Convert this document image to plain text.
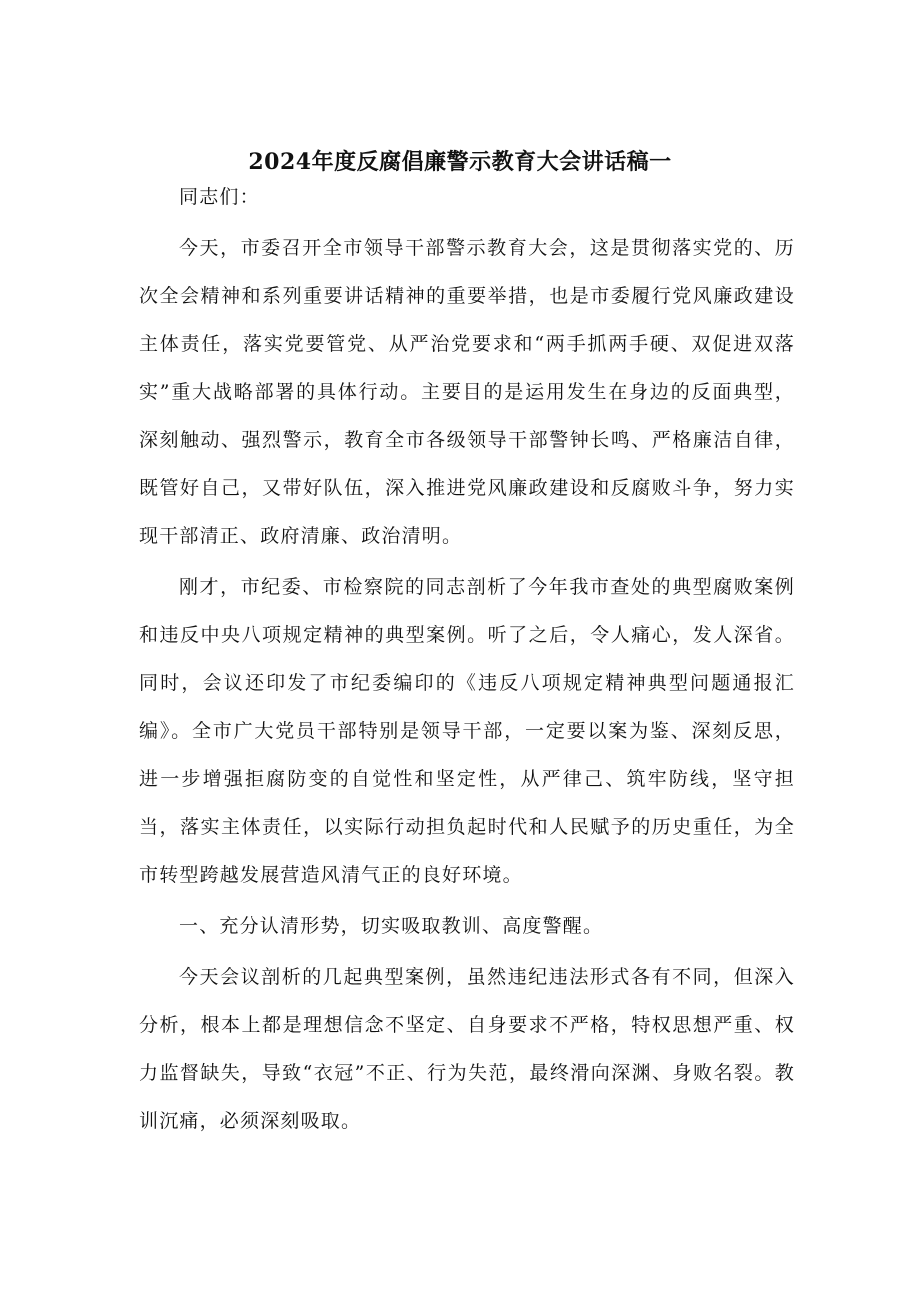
2024年度反腐倡廉警示教育大会讲话稿一

同志们：

今天，市委召开全市领导干部警示教育大会，这是贯彻落实党的、历次全会精神和系列重要讲话精神的重要举措，也是市委履行党风廉政建设主体责任，落实党要管党、从严治党要求和“两手抓两手硬、双促进双落实”重大战略部署的具体行动。主要目的是运用发生在身边的反面典型，深刻触动、强烈警示，教育全市各级领导干部警钟长鸣、严格廉洁自律，既管好自己，又带好队伍，深入推进党风廉政建设和反腐败斗争，努力实现干部清正、政府清廉、政治清明。

刚才，市纪委、市检察院的同志剖析了今年我市查处的典型腐败案例和违反中央八项规定精神的典型案例。听了之后，令人痛心，发人深省。同时，会议还印发了市纪委编印的《违反八项规定精神典型问题通报汇编》。全市广大党员干部特别是领导干部，一定要以案为鉴、深刻反思，进一步增强拒腐防变的自觉性和坚定性，从严律己、筑牢防线，坚守担当，落实主体责任，以实际行动担负起时代和人民赋予的历史重任，为全市转型跨越发展营造风清气正的良好环境。

一、充分认清形势，切实吸取教训、高度警醒。

今天会议剖析的几起典型案例，虽然违纪违法形式各有不同，但深入分析，根本上都是理想信念不坚定、自身要求不严格，特权思想严重、权力监督缺失，导致“衣冠”不正、行为失范，最终滑向深渊、身败名裂。教训沉痛，必须深刻吸取。
